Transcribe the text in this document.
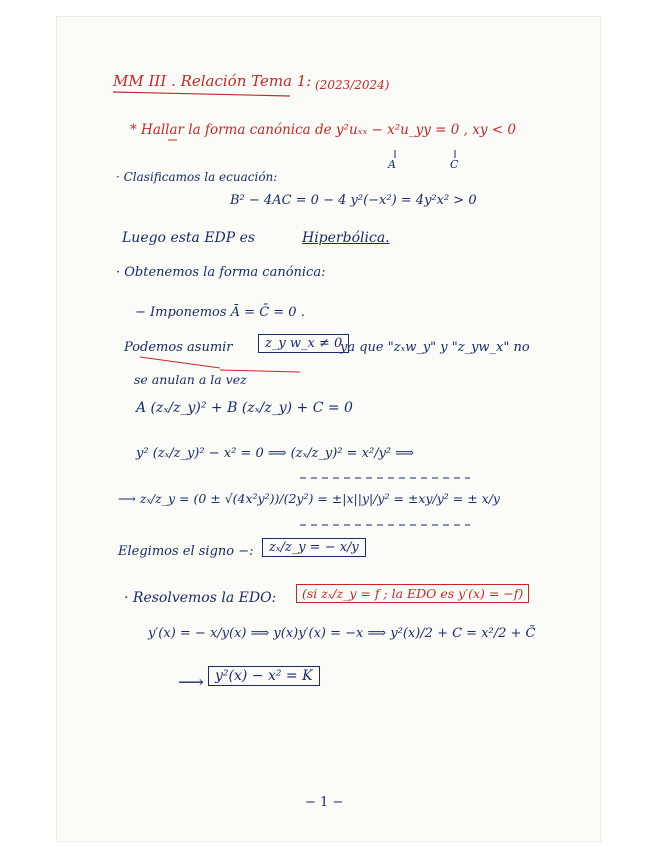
MM III . Relación Tema 1: (2023/2024)
* Hallar la forma canónica de y²uₓₓ − x²u_yy = 0 , xy < 0
A	C
· Clasificamos la ecuación:
B² − 4AC = 0 − 4 y²(−x²) = 4y²x² > 0
Luego esta EDP es	Hiperbólica.
· Obtenemos la forma canónica:
− Imponemos Ā = C̄ = 0 .
Podemos asumir	z_y w_x ≠ 0
ya que "zₓw_y" y "z_yw_x" no
se anulan a la vez
A (zₓ/z_y)² + B (zₓ/z_y) + C = 0
y² (zₓ/z_y)² − x² = 0 ⟹ (zₓ/z_y)² = x²/y² ⟹
⟶ zₓ/z_y = (0 ± √(4x²y²))/(2y²) = ±|x||y|/y² = ±xy/y² = ± x/y
Elegimos el signo −:	zₓ/z_y = − x/y
· Resolvemos la EDO:	(si zₓ/z_y = f ; la EDO es y′(x) = −f)
y′(x) = − x/y(x) ⟹ y(x)y′(x) = −x ⟹ y²(x)/2 + C = x²/2 + C̃
⟶ y²(x) − x² = K
− 1 −
